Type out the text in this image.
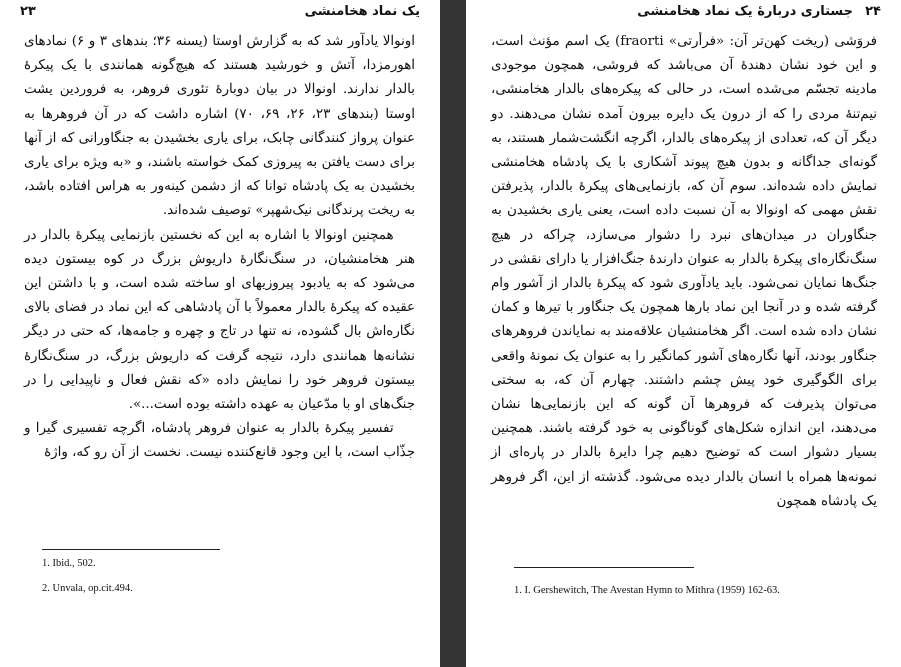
یک نماد هخامنشی
۲۳

اونوالا یادآور شد که به گزارش اوستا (یسنه ۳۶؛ بندهای ۳ و ۶) نمادهای اهورمزدا، آتش و خورشید هستند که هیچ‌گونه همانندی با یک پیکرهٔ بالدار ندارند. اونوالا در بیان دوبارهٔ تئوری فروهر، به فروردین یشت اوستا (بندهای ۲۳، ۲۶، ۶۹، ۷۰) اشاره داشت که در آن فروهرها به عنوان پرواز کنندگانی چابک، برای یاری بخشیدن به جنگاورانی که از آنها برای دست یافتن به پیروزی کمک خواسته باشند، و «به ویژه برای یاری بخشیدن به یک پادشاه توانا که از دشمن کینه‌ور به هراس افتاده باشد، به ریخت پرندگانی نیک‌شهپر» توصیف شده‌اند.

همچنین اونوالا با اشاره به این که نخستین بازنمایی پیکرهٔ بالدار در هنر هخامنشیان، در سنگ‌نگارهٔ داریوش بزرگ در کوه بیستون دیده می‌شود که به یادبود پیروزیهای او ساخته شده است، و با داشتن این عقیده که پیکرهٔ بالدار معمولاً با آن پادشاهی که این نماد در فضای بالای نگاره‌اش بال گشوده، نه تنها در تاج و چهره و جامه‌ها، که حتی در دیگر نشانه‌ها همانندی دارد، نتیجه گرفت که داریوش بزرگ، در سنگ‌نگارهٔ بیستون فروهر خود را نمایش داده «که نقش فعال و ناپیدایی را در جنگ‌های او با مدّعیان به عهده داشته بوده است...».

تفسیر پیکرهٔ بالدار به عنوان فروهر پادشاه، اگرچه تفسیری گیرا و جذّاب است، با این وجود قانع‌کننده نیست. نخست از آن رو که، واژهٔ

1. Ibid., 502.
2. Unvala, op.cit.494.
۲۴
جستاری دربارهٔ یک نماد هخامنشی

فروَشی (ریخت کهن‌تر آن: «فرأرتی» fraorti) یک اسم مؤنث است، و این خود نشان دهندهٔ آن می‌باشد که فروشی، همچون موجودی مادینه تجسّم می‌شده است، در حالی که پیکره‌های بالدار هخامنشی، نیم‌تنهٔ مردی را که از درون یک دایره بیرون آمده نشان می‌دهند. دو دیگر آن که، تعدادی از پیکره‌های بالدار، اگرچه انگشت‌شمار هستند، به گونه‌ای جداگانه و بدون هیچ پیوند آشکاری با یک پادشاه هخامنشی نمایش داده شده‌اند. سوم آن که، بازنمایی‌های پیکرهٔ بالدار، پذیرفتن نقش مهمی که اونوالا به آن نسبت داده است، یعنی یاری بخشیدن به جنگاوران در میدان‌های نبرد را دشوار می‌سازد، چراکه در هیچ سنگ‌نگاره‌ای پیکرهٔ بالدار به عنوان دارندهٔ جنگ‌افزار یا دارای نقشی در جنگ‌ها نمایان نمی‌شود. باید یادآوری شود که پیکرهٔ بالدار از آشور وام گرفته شده و در آنجا این نماد بارها همچون یک جنگاور با تیرها و کمان نشان داده شده است. اگر هخامنشیان علاقه‌مند به نمایاندن فروهرهای جنگاور بودند، آنها نگاره‌های آشور کمانگیر را به عنوان یک نمونهٔ واقعی برای الگوگیری خود پیش چشم داشتند. چهارم آن که، به سختی می‌توان پذیرفت که فروهرها آن گونه که این بازنمایی‌ها نشان می‌دهند، این اندازه شکل‌های گوناگونی به خود گرفته باشند. همچنین بسیار دشوار است که توضیح دهیم چرا دایرهٔ بالدار در پاره‌ای از نمونه‌ها همراه با انسان بالدار دیده می‌شود. گذشته از این، اگر فروهر یک پادشاه همچون

1. I. Gershewitch, The Avestan Hymn to Mithra (1959) 162-63.
